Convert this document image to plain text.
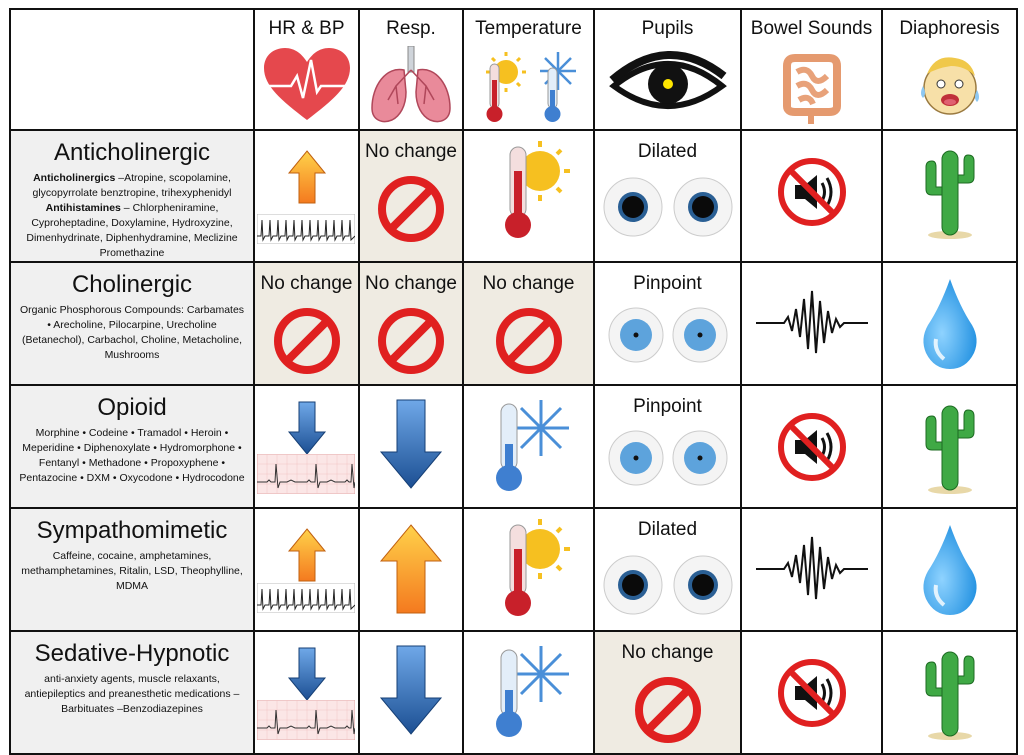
	HR & BP	Resp.	Temperature	Pupils	Bowel Sounds	Diaphoresis

Anticholinergic
Anticholinergics –Atropine, scopolamine, glycopyrrolate benztropine, trihexyphenidyl
Antihistamines – Chlorpheniramine, Cyproheptadine, Doxylamine, Hydroxyzine, Dimenhydrinate, Diphenhydramine, Meclizine Promethazine		No change		Dilated

Cholinergic
Organic Phosphorous Compounds: Carbamates • Arecholine, Pilocarpine, Urecholine (Betanechol), Carbachol, Choline, Metacholine, Mushrooms	No change	No change	No change	Pinpoint

Opioid
Morphine • Codeine • Tramadol • Heroin • Meperidine • Diphenoxylate • Hydromorphone • Fentanyl • Methadone • Propoxyphene • Pentazocine • DXM • Oxycodone • Hydrocodone				Pinpoint

Sympathomimetic
Caffeine, cocaine, amphetamines, methamphetamines, Ritalin, LSD, Theophylline, MDMA				Dilated

Sedative-Hypnotic
anti-anxiety agents, muscle relaxants, antiepileptics and preanesthetic medications –Barbituates –Benzodiazepines				No change
